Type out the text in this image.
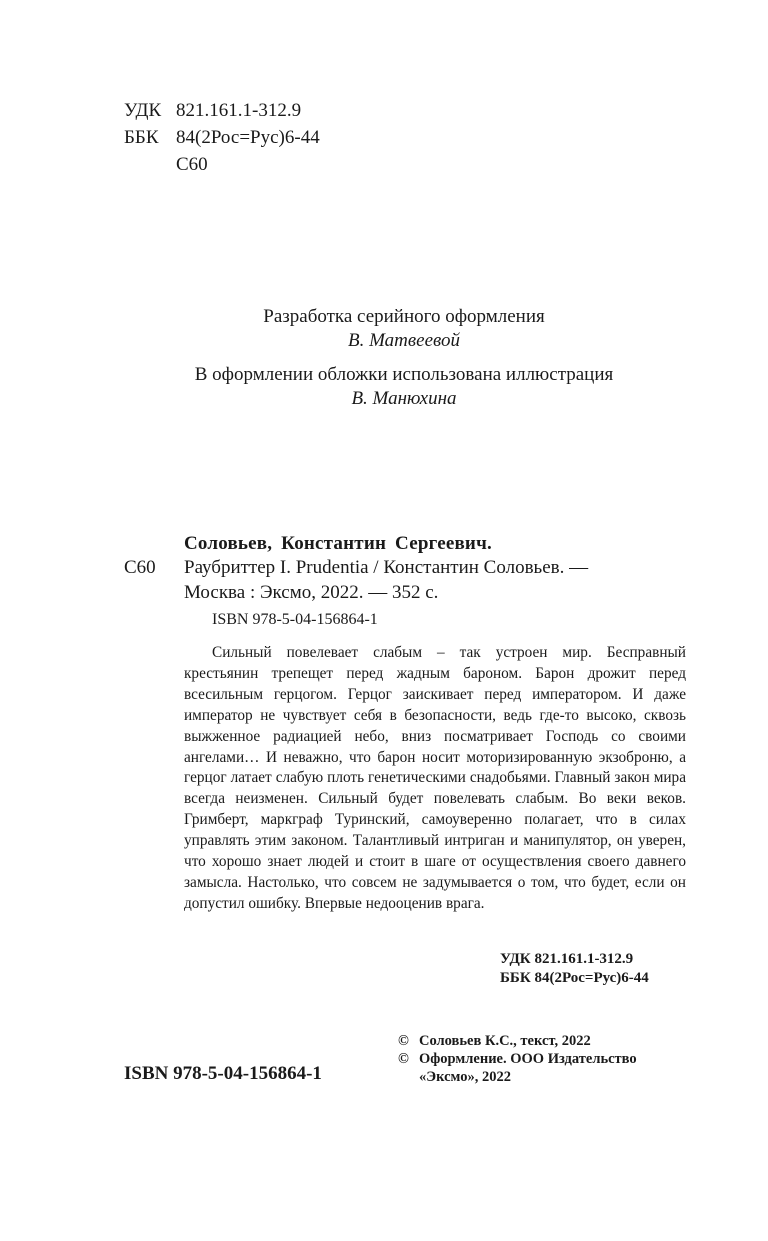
УДК 821.161.1-312.9
ББК 84(2Рос=Рус)6-44
С60
Разработка серийного оформления
В. Матвеевой
В оформлении обложки использована иллюстрация
В. Манюхина
Соловьев, Константин Сергеевич.
С60 Раубриттер I. Prudentia / Константин Соловьев. —
Москва : Эксмо, 2022. — 352 с.
ISBN 978-5-04-156864-1

Сильный повелевает слабым – так устроен мир. Бесправный крестьянин трепещет перед жадным бароном. Барон дрожит перед всесильным герцогом. Герцог заискивает перед императором. И даже император не чувствует себя в безопасности, ведь где-то высоко, сквозь выжженное радиацией небо, вниз посматривает Господь со своими ангелами… И неважно, что барон носит моторизированную экзоброню, а герцог латает слабую плоть генетическими снадобьями. Главный закон мира всегда неизменен. Сильный будет повелевать слабым. Во веки веков. Гримберт, маркграф Туринский, самоуверенно полагает, что в силах управлять этим законом. Талантливый интриган и манипулятор, он уверен, что хорошо знает людей и стоит в шаге от осуществления своего давнего замысла. Настолько, что совсем не задумывается о том, что будет, если он допустил ошибку. Впервые недооценив врага.

УДК 821.161.1-312.9
ББК 84(2Рос=Рус)6-44
© Соловьев К.С., текст, 2022
© Оформление. ООО Издательство
«Эксмо», 2022
ISBN 978-5-04-156864-1
